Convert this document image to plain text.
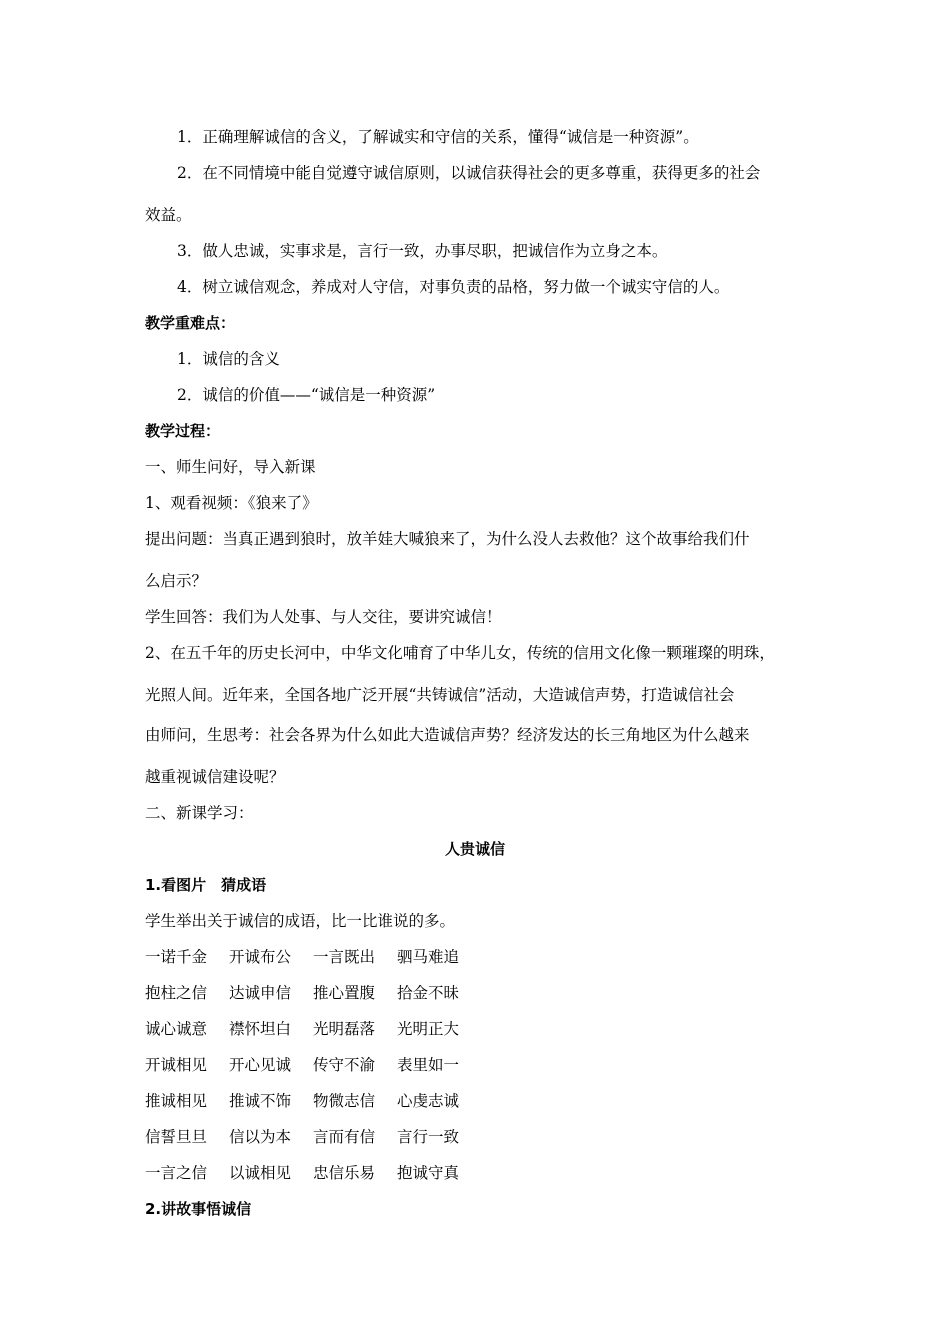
1．正确理解诚信的含义，了解诚实和守信的关系，懂得“诚信是一种资源”。
2．在不同情境中能自觉遵守诚信原则，以诚信获得社会的更多尊重，获得更多的社会
效益。
3．做人忠诚，实事求是，言行一致，办事尽职，把诚信作为立身之本。
4．树立诚信观念，养成对人守信，对事负责的品格，努力做一个诚实守信的人。
教学重难点：
1．诚信的含义
2．诚信的价值——“诚信是一种资源”
教学过程：
一、师生问好，导入新课
1、观看视频：《狼来了》
提出问题：当真正遇到狼时，放羊娃大喊狼来了，为什么没人去救他？这个故事给我们什
么启示？
学生回答：我们为人处事、与人交往，要讲究诚信！
2、在五千年的历史长河中，中华文化哺育了中华儿女，传统的信用文化像一颗璀璨的明珠，
光照人间。近年来，全国各地广泛开展“共铸诚信”活动，大造诚信声势，打造诚信社会
由师问，生思考：社会各界为什么如此大造诚信声势？经济发达的长三角地区为什么越来
越重视诚信建设呢？
二、新课学习：
人贵诚信
1.看图片　猜成语
学生举出关于诚信的成语，比一比谁说的多。
一诺千金	开诚布公	一言既出	驷马难追
抱柱之信	达诚申信	推心置腹	拾金不昧
诚心诚意	襟怀坦白	光明磊落	光明正大
开诚相见	开心见诚	传守不渝	表里如一
推诚相见	推诚不饰	物微志信	心虔志诚
信誓旦旦	信以为本	言而有信	言行一致
一言之信	以诚相见	忠信乐易	抱诚守真
2.讲故事悟诚信
